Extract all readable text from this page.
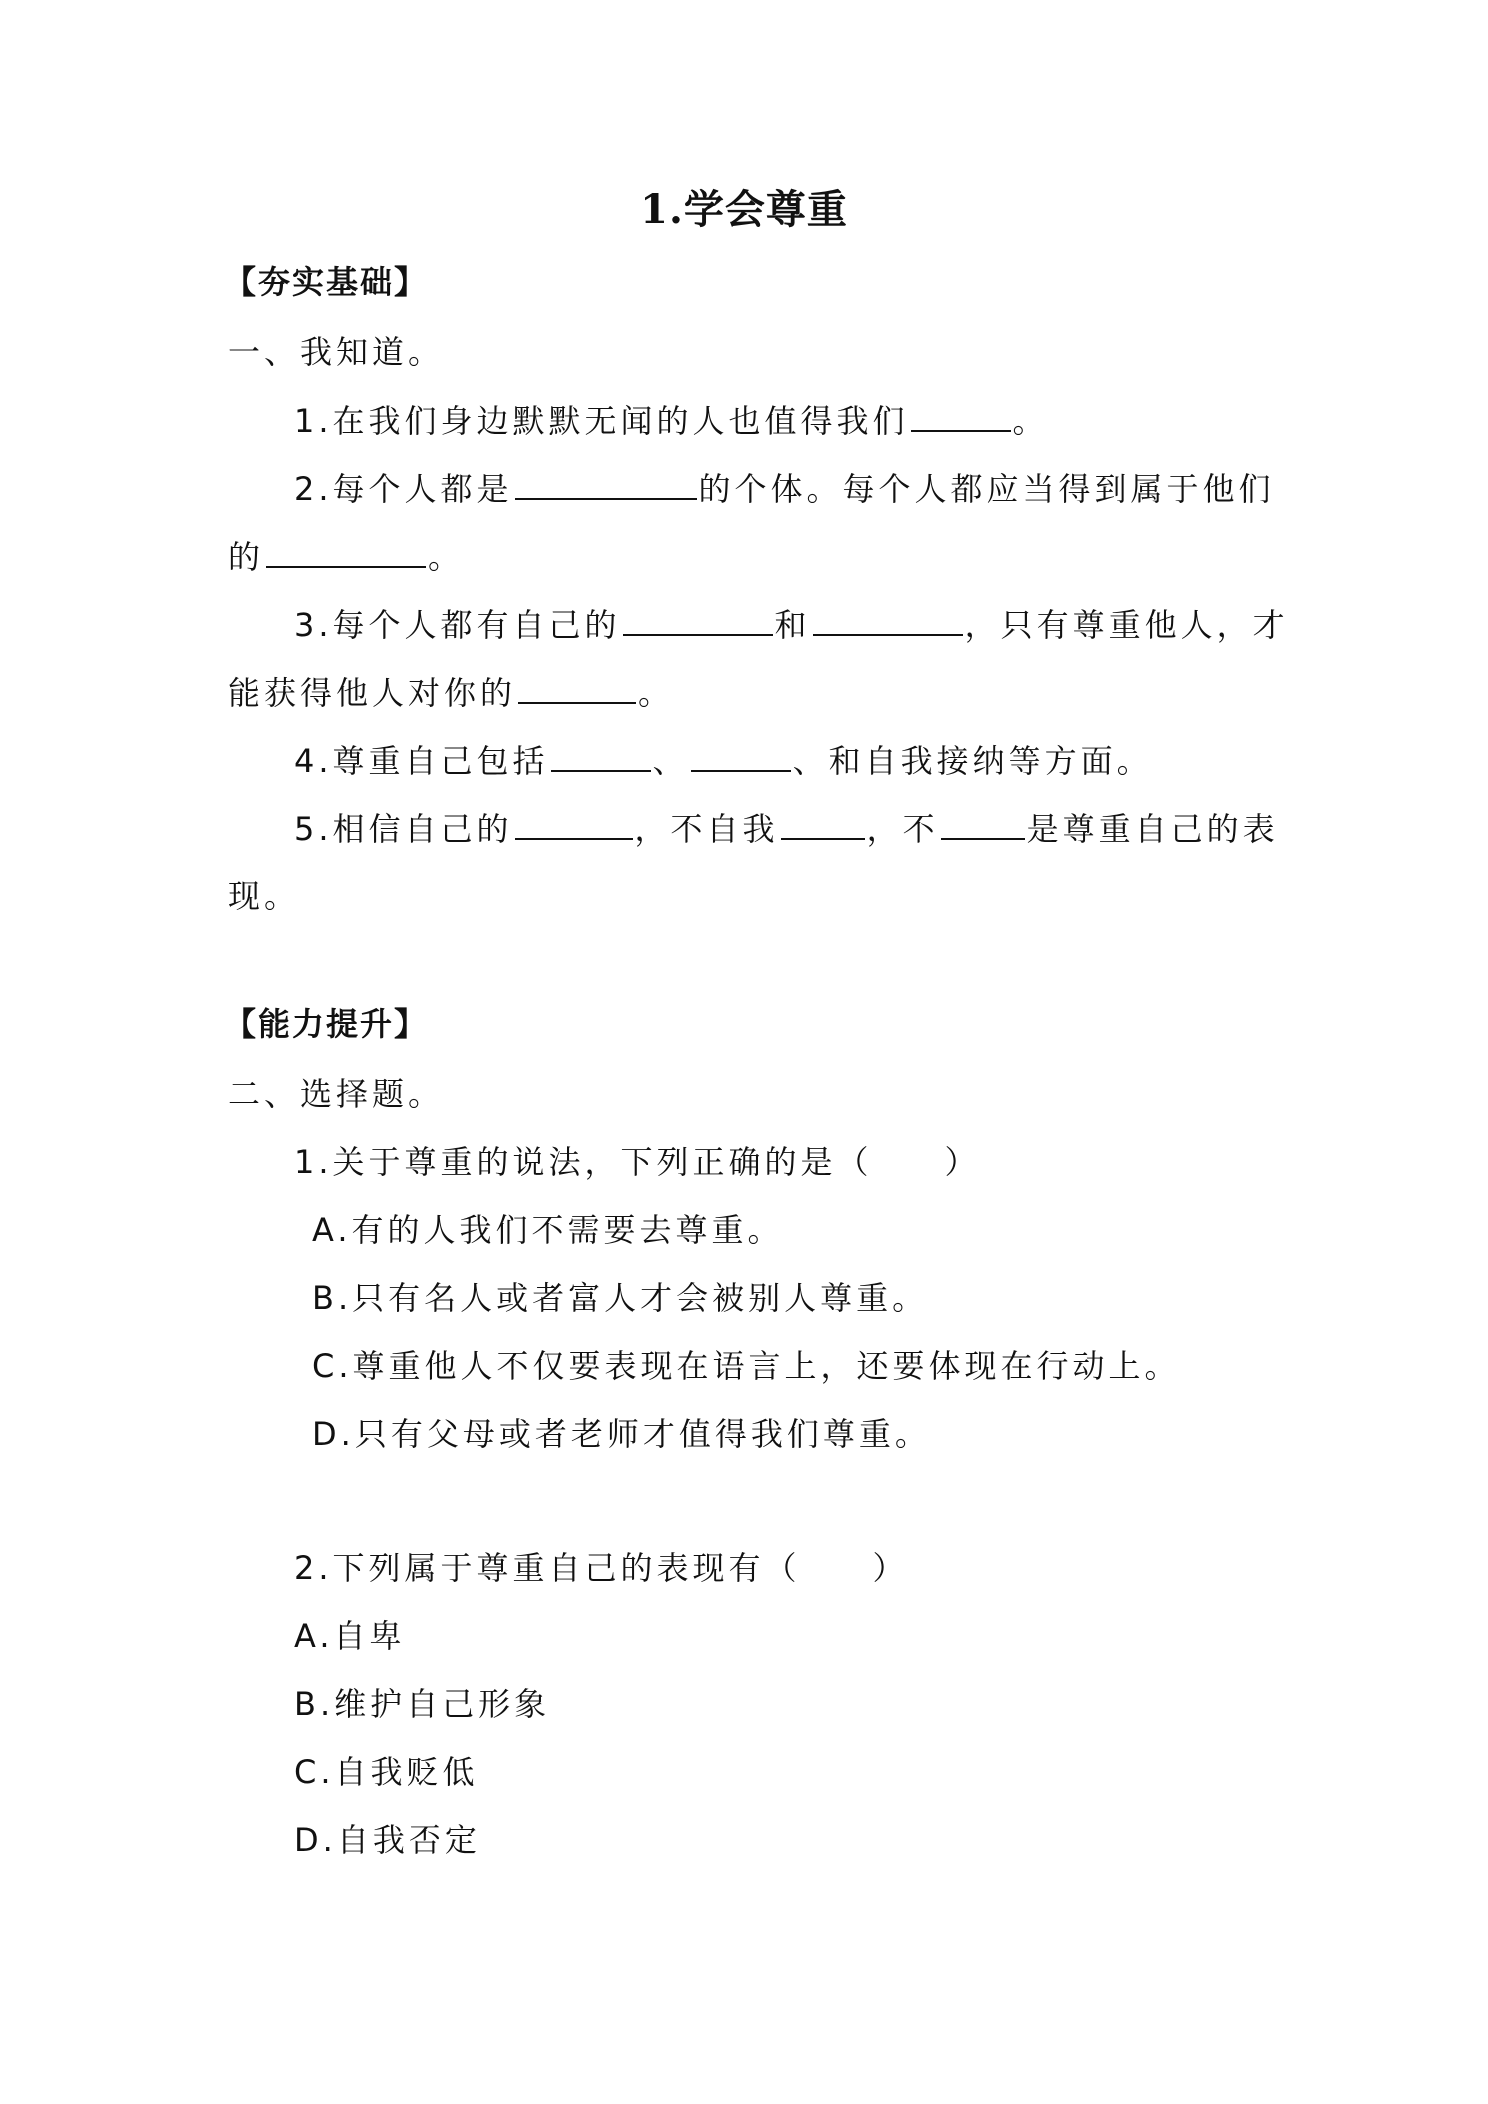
1.学会尊重
【夯实基础】
一、我知道。
1.在我们身边默默无闻的人也值得我们	。
2.每个人都是	的个体。每个人都应当得到属于他们
的	。
3.每个人都有自己的	和	，只有尊重他人，才
能获得他人对你的	。
4.尊重自己包括	、	、和自我接纳等方面。
5.相信自己的	，不自我	，不	是尊重自己的表
现。
【能力提升】
二、选择题。
1.关于尊重的说法，下列正确的是（　　）
A.有的人我们不需要去尊重。
B.只有名人或者富人才会被别人尊重。
C.尊重他人不仅要表现在语言上，还要体现在行动上。
D.只有父母或者老师才值得我们尊重。
2.下列属于尊重自己的表现有（　　）
A.自卑
B.维护自己形象
C.自我贬低
D.自我否定
